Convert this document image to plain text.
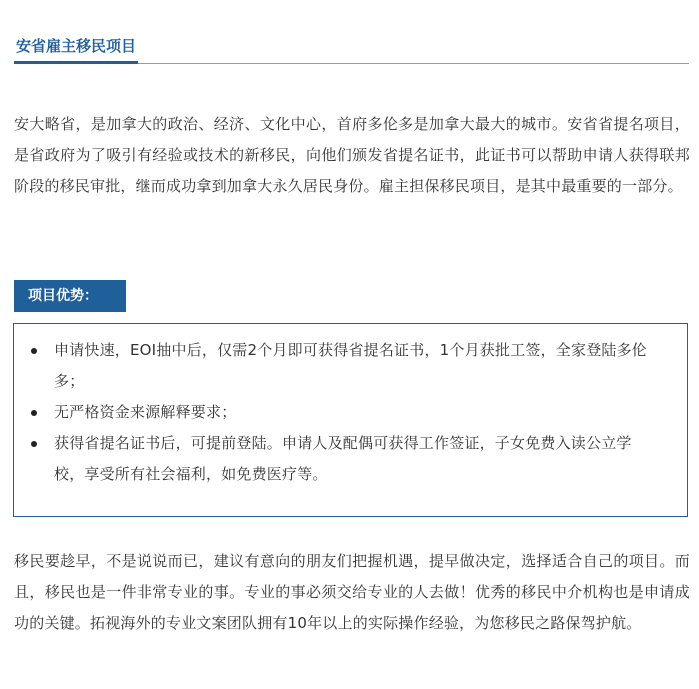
安省雇主移民项目

安大略省，是加拿大的政治、经济、文化中心，首府多伦多是加拿大最大的城市。安省省提名项目，是省政府为了吸引有经验或技术的新移民，向他们颁发省提名证书，此证书可以帮助申请人获得联邦阶段的移民审批，继而成功拿到加拿大永久居民身份。雇主担保移民项目，是其中最重要的一部分。

项目优势：
申请快速，EOI抽中后，仅需2个月即可获得省提名证书，1个月获批工签，全家登陆多伦多；
无严格资金来源解释要求；
获得省提名证书后，可提前登陆。申请人及配偶可获得工作签证，子女免费入读公立学校，享受所有社会福利，如免费医疗等。

移民要趁早，不是说说而已，建议有意向的朋友们把握机遇，提早做决定，选择适合自己的项目。而且，移民也是一件非常专业的事。专业的事必须交给专业的人去做！优秀的移民中介机构也是申请成功的关键。拓视海外的专业文案团队拥有10年以上的实际操作经验，为您移民之路保驾护航。
